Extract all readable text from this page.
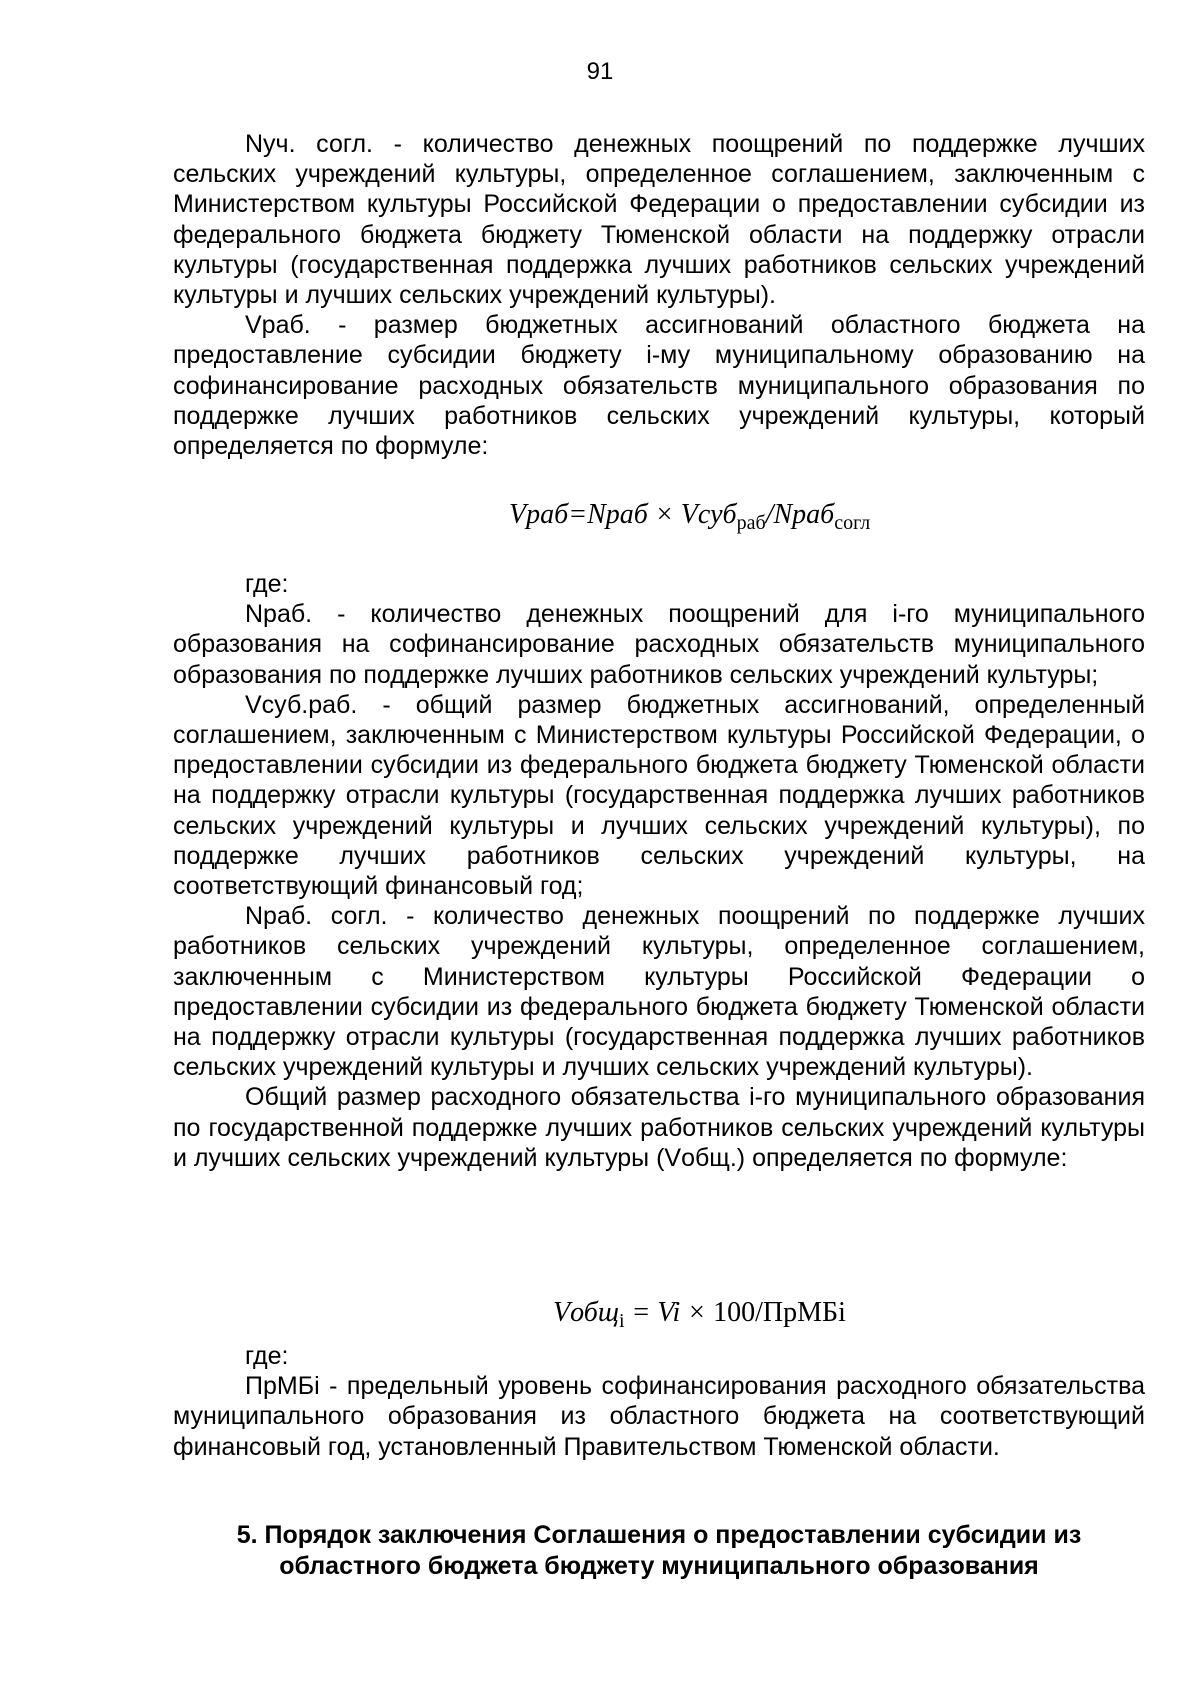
91

Nуч. согл. - количество денежных поощрений по поддержке лучших сельских учреждений культуры, определенное соглашением, заключенным с Министерством культуры Российской Федерации о предоставлении субсидии из федерального бюджета бюджету Тюменской области на поддержку отрасли культуры (государственная поддержка лучших работников сельских учреждений культуры и лучших сельских учреждений культуры).

Vраб. - размер бюджетных ассигнований областного бюджета на предоставление субсидии бюджету i-му муниципальному образованию на софинансирование расходных обязательств муниципального образования по поддержке лучших работников сельских учреждений культуры, который определяется по формуле:

Vраб=Nраб × Vсуб$_{раб}$/Nраб$_{согл}$

где:

Nраб. - количество денежных поощрений для i-го муниципального образования на софинансирование расходных обязательств муниципального образования по поддержке лучших работников сельских учреждений культуры;

Vсуб.раб. - общий размер бюджетных ассигнований, определенный соглашением, заключенным с Министерством культуры Российской Федерации, о предоставлении субсидии из федерального бюджета бюджету Тюменской области на поддержку отрасли культуры (государственная поддержка лучших работников сельских учреждений культуры и лучших сельских учреждений культуры), по поддержке лучших работников сельских учреждений культуры, на соответствующий финансовый год;

Nраб. согл. - количество денежных поощрений по поддержке лучших работников сельских учреждений культуры, определенное соглашением, заключенным с Министерством культуры Российской Федерации о предоставлении субсидии из федерального бюджета бюджету Тюменской области на поддержку отрасли культуры (государственная поддержка лучших работников сельских учреждений культуры и лучших сельских учреждений культуры).

Общий размер расходного обязательства i-го муниципального образования по государственной поддержке лучших работников сельских учреждений культуры и лучших сельских учреждений культуры (Vобщ.) определяется по формуле:

Vобщ$_i$ = Vi × 100/ПрМБi

где:

ПрМБi - предельный уровень софинансирования расходного обязательства муниципального образования из областного бюджета на соответствующий финансовый год, установленный Правительством Тюменской области.

5. Порядок заключения Соглашения о предоставлении субсидии из
областного бюджета бюджету муниципального образования
